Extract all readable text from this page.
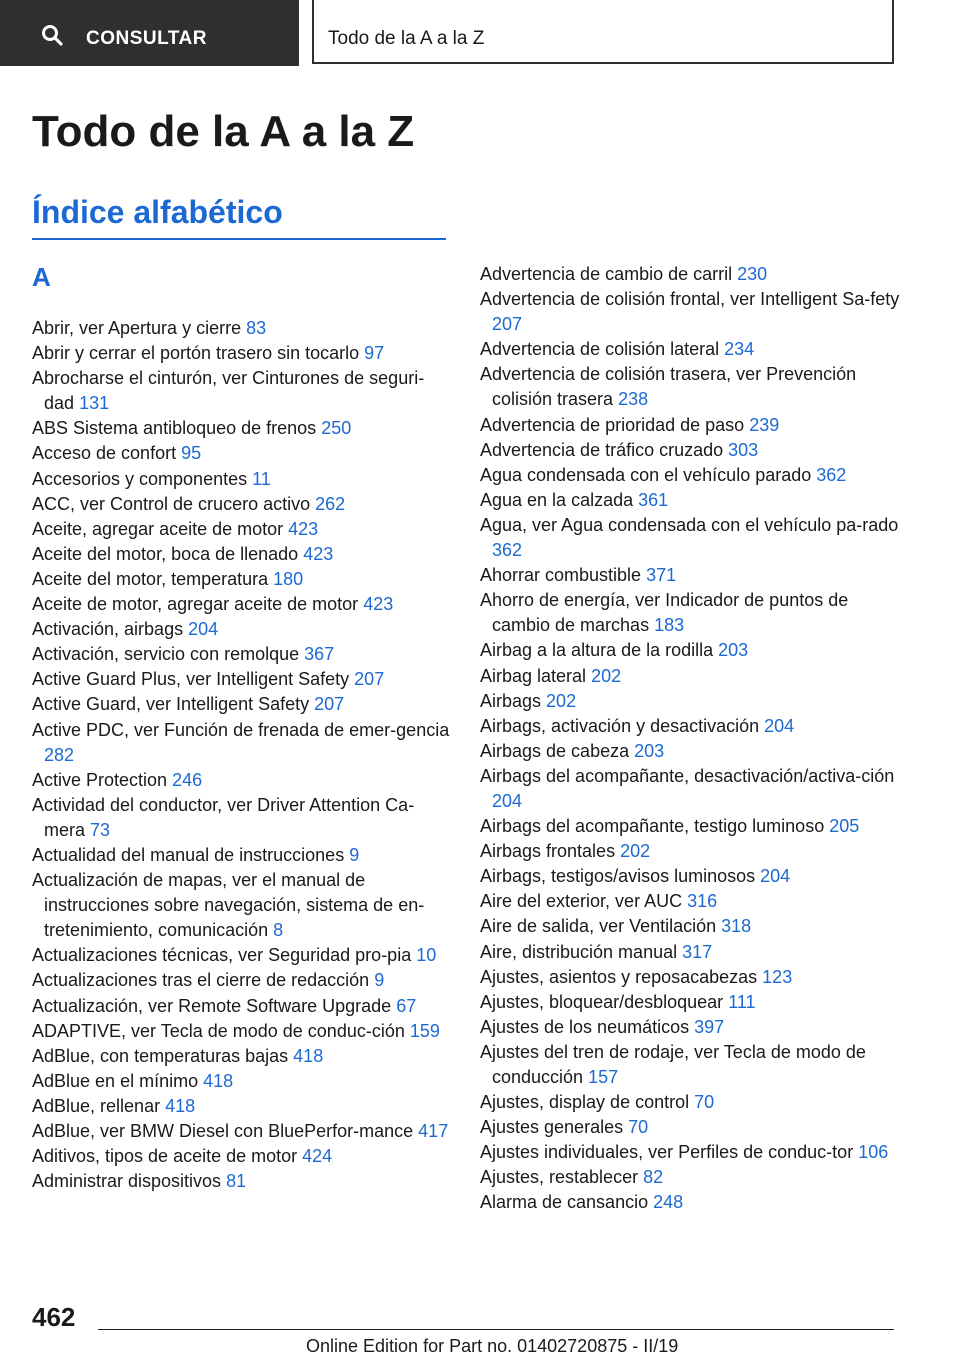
CONSULTAR	Todo de la A a la Z
Todo de la A a la Z
Índice alfabético
A
Abrir, ver Apertura y cierre 83
Abrir y cerrar el portón trasero sin tocarlo 97
Abrocharse el cinturón, ver Cinturones de seguri-dad 131
ABS Sistema antibloqueo de frenos 250
Acceso de confort 95
Accesorios y componentes 11
ACC, ver Control de crucero activo 262
Aceite, agregar aceite de motor 423
Aceite del motor, boca de llenado 423
Aceite del motor, temperatura 180
Aceite de motor, agregar aceite de motor 423
Activación, airbags 204
Activación, servicio con remolque 367
Active Guard Plus, ver Intelligent Safety 207
Active Guard, ver Intelligent Safety 207
Active PDC, ver Función de frenada de emer-gencia 282
Active Protection 246
Actividad del conductor, ver Driver Attention Ca-mera 73
Actualidad del manual de instrucciones 9
Actualización de mapas, ver el manual de instrucciones sobre navegación, sistema de en-tretenimiento, comunicación 8
Actualizaciones técnicas, ver Seguridad pro-pia 10
Actualizaciones tras el cierre de redacción 9
Actualización, ver Remote Software Upgrade 67
ADAPTIVE, ver Tecla de modo de conduc-ción 159
AdBlue, con temperaturas bajas 418
AdBlue en el mínimo 418
AdBlue, rellenar 418
AdBlue, ver BMW Diesel con BluePerfor-mance 417
Aditivos, tipos de aceite de motor 424
Administrar dispositivos 81
Advertencia de cambio de carril 230
Advertencia de colisión frontal, ver Intelligent Sa-fety 207
Advertencia de colisión lateral 234
Advertencia de colisión trasera, ver Prevención colisión trasera 238
Advertencia de prioridad de paso 239
Advertencia de tráfico cruzado 303
Agua condensada con el vehículo parado 362
Agua en la calzada 361
Agua, ver Agua condensada con el vehículo pa-rado 362
Ahorrar combustible 371
Ahorro de energía, ver Indicador de puntos de cambio de marchas 183
Airbag a la altura de la rodilla 203
Airbag lateral 202
Airbags 202
Airbags, activación y desactivación 204
Airbags de cabeza 203
Airbags del acompañante, desactivación/activa-ción 204
Airbags del acompañante, testigo luminoso 205
Airbags frontales 202
Airbags, testigos/avisos luminosos 204
Aire del exterior, ver AUC 316
Aire de salida, ver Ventilación 318
Aire, distribución manual 317
Ajustes, asientos y reposacabezas 123
Ajustes, bloquear/desbloquear 111
Ajustes de los neumáticos 397
Ajustes del tren de rodaje, ver Tecla de modo de conducción 157
Ajustes, display de control 70
Ajustes generales 70
Ajustes individuales, ver Perfiles de conduc-tor 106
Ajustes, restablecer 82
Alarma de cansancio 248
462
Online Edition for Part no. 01402720875 - II/19
